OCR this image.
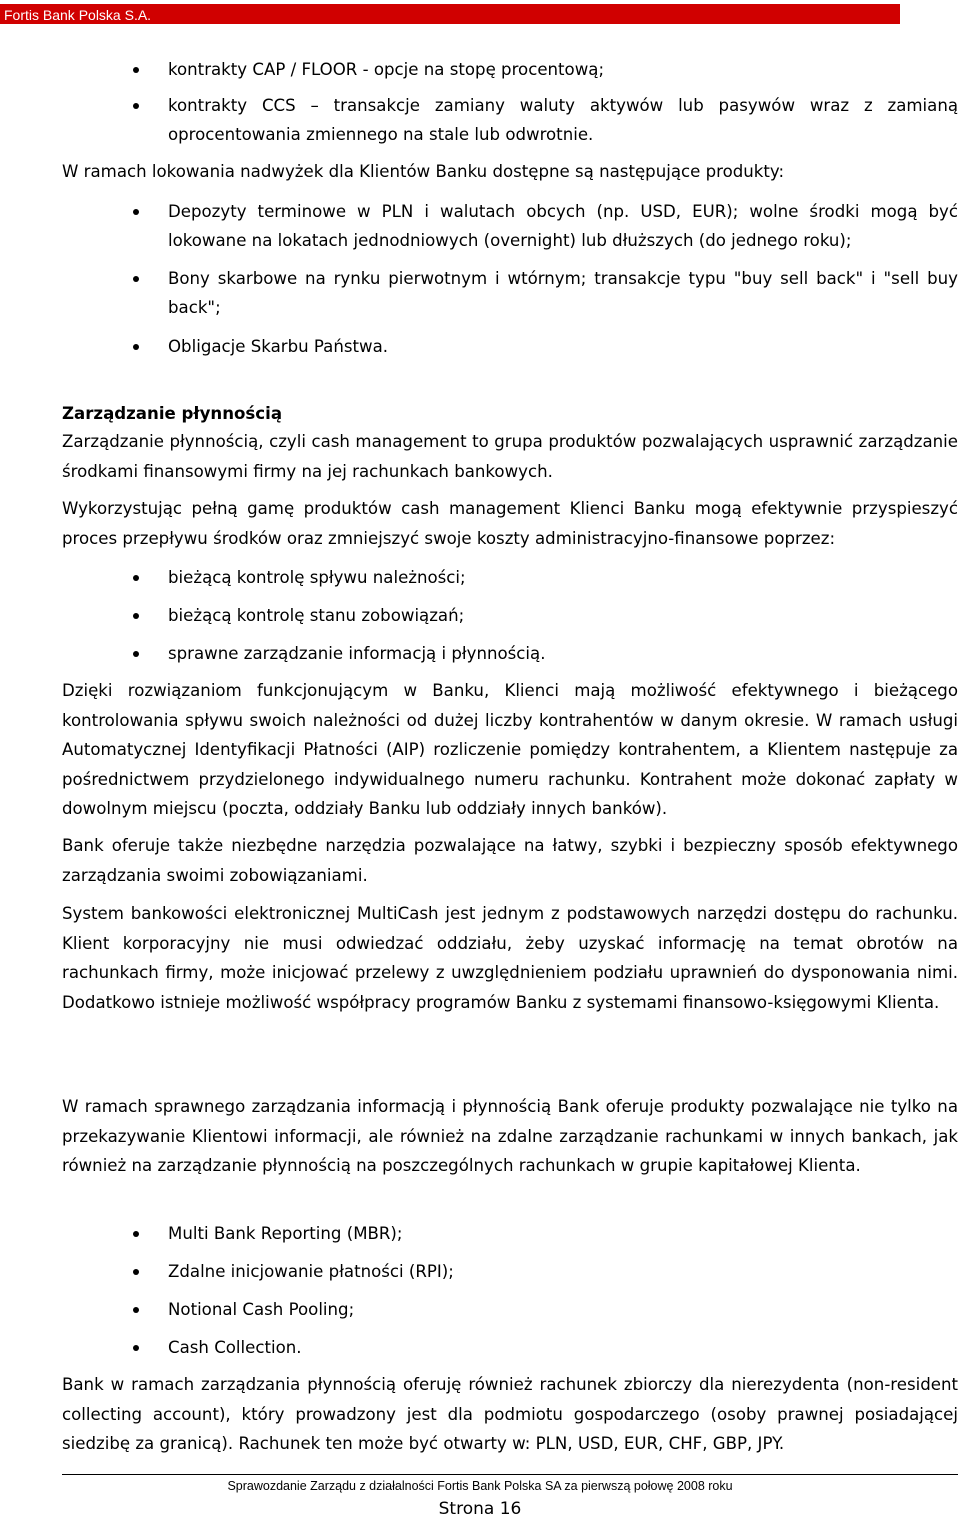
Fortis Bank Polska S.A.
kontrakty CAP / FLOOR - opcje na stopę procentową;
kontrakty CCS – transakcje zamiany waluty aktywów lub pasywów wraz z zamianą oprocentowania zmiennego na stale lub odwrotnie.
W ramach lokowania nadwyżek dla Klientów Banku dostępne są następujące produkty:
Depozyty terminowe w PLN i walutach obcych (np. USD, EUR); wolne środki mogą być lokowane na lokatach jednodniowych (overnight) lub dłuższych (do jednego roku);
Bony skarbowe na rynku pierwotnym i wtórnym; transakcje typu "buy sell back" i "sell buy back";
Obligacje Skarbu Państwa.
Zarządzanie płynnością
Zarządzanie płynnością, czyli cash management to grupa produktów pozwalających usprawnić zarządzanie środkami finansowymi firmy na jej rachunkach bankowych.
Wykorzystując pełną gamę produktów cash management Klienci Banku mogą efektywnie przyspieszyć proces przepływu środków oraz zmniejszyć swoje koszty administracyjno-finansowe poprzez:
bieżącą kontrolę spływu należności;
bieżącą kontrolę stanu zobowiązań;
sprawne zarządzanie informacją i płynnością.
Dzięki rozwiązaniom funkcjonującym w Banku, Klienci mają możliwość efektywnego i bieżącego kontrolowania spływu swoich należności od dużej liczby kontrahentów w danym okresie. W ramach usługi Automatycznej Identyfikacji Płatności (AIP) rozliczenie pomiędzy kontrahentem, a Klientem następuje za pośrednictwem przydzielonego indywidualnego numeru rachunku. Kontrahent może dokonać zapłaty w dowolnym miejscu (poczta, oddziały Banku lub oddziały innych banków).
Bank oferuje także niezbędne narzędzia pozwalające na łatwy, szybki i bezpieczny sposób efektywnego zarządzania swoimi zobowiązaniami.
System bankowości elektronicznej MultiCash jest jednym z podstawowych narzędzi dostępu do rachunku. Klient korporacyjny nie musi odwiedzać oddziału, żeby uzyskać informację na temat obrotów na rachunkach firmy, może inicjować przelewy z uwzględnieniem podziału uprawnień do dysponowania nimi. Dodatkowo istnieje możliwość współpracy programów Banku z systemami finansowo-księgowymi Klienta.
W ramach sprawnego zarządzania informacją i płynnością Bank oferuje produkty pozwalające nie tylko na przekazywanie Klientowi informacji, ale również na zdalne zarządzanie rachunkami w innych bankach, jak również na zarządzanie płynnością na poszczególnych rachunkach w grupie kapitałowej Klienta.
Multi Bank Reporting (MBR);
Zdalne inicjowanie płatności (RPI);
Notional Cash Pooling;
Cash Collection.
Bank w ramach zarządzania płynnością oferuję również rachunek zbiorczy dla nierezydenta (non-resident collecting account), który prowadzony jest dla podmiotu gospodarczego (osoby prawnej posiadającej siedzibę za granicą). Rachunek ten może być otwarty w: PLN, USD, EUR, CHF, GBP, JPY.
Sprawozdanie Zarządu z działalności Fortis Bank Polska SA za pierwszą połowę 2008 roku
Strona 16
